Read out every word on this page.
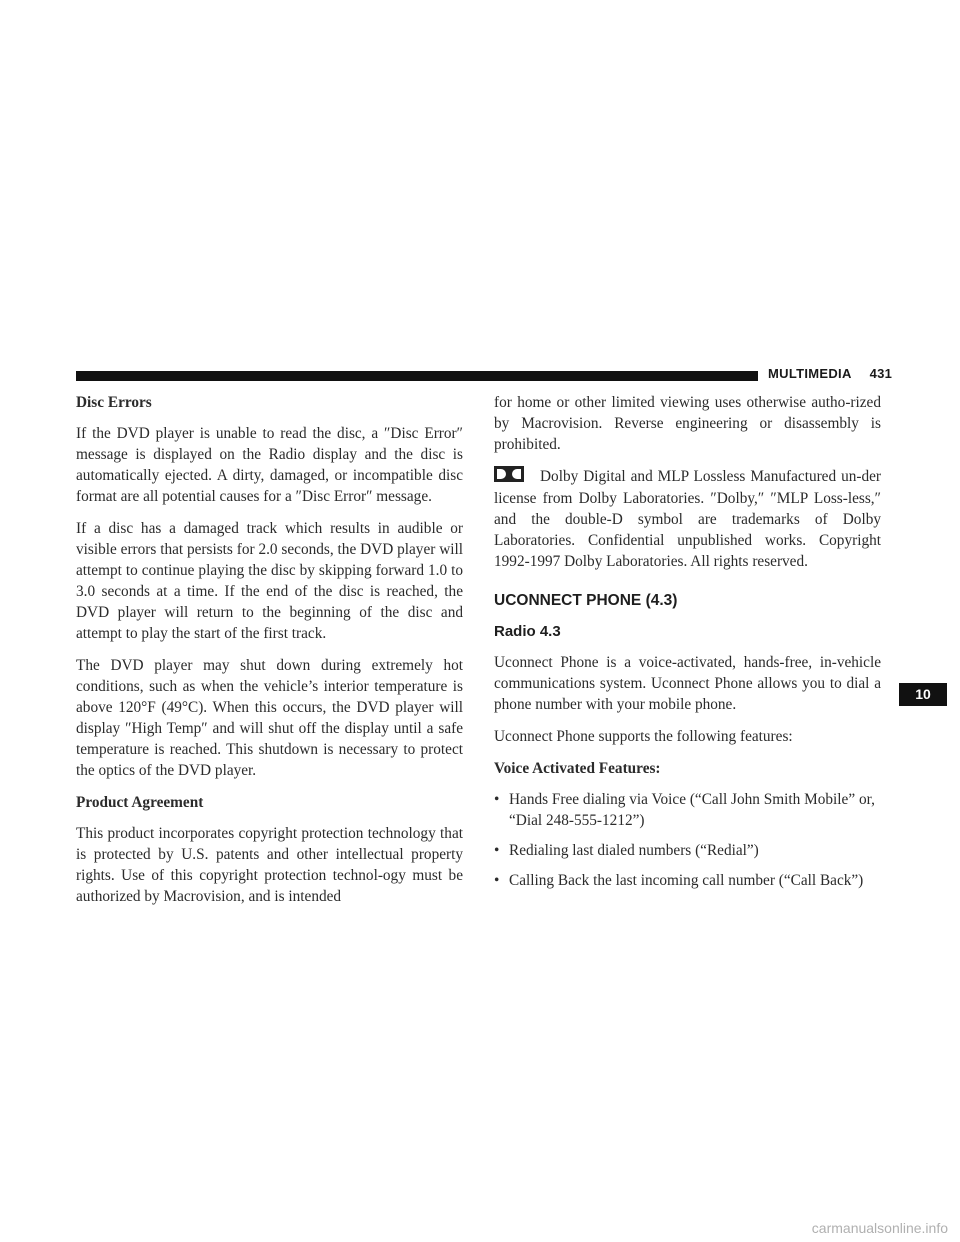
MULTIMEDIA 431

Disc Errors

If the DVD player is unable to read the disc, a ″Disc Error″ message is displayed on the Radio display and the disc is automatically ejected. A dirty, damaged, or incompatible disc format are all potential causes for a ″Disc Error″ message.

If a disc has a damaged track which results in audible or visible errors that persists for 2.0 seconds, the DVD player will attempt to continue playing the disc by skipping forward 1.0 to 3.0 seconds at a time. If the end of the disc is reached, the DVD player will return to the beginning of the disc and attempt to play the start of the first track.

The DVD player may shut down during extremely hot conditions, such as when the vehicle’s interior temperature is above 120°F (49°C). When this occurs, the DVD player will display ″High Temp″ and will shut off the display until a safe temperature is reached. This shutdown is necessary to protect the optics of the DVD player.

Product Agreement

This product incorporates copyright protection technology that is protected by U.S. patents and other intellectual property rights. Use of this copyright protection technol-ogy must be authorized by Macrovision, and is intended

for home or other limited viewing uses otherwise autho-rized by Macrovision. Reverse engineering or disassembly is prohibited.

Dolby Digital and MLP Lossless Manufactured un-der license from Dolby Laboratories. ″Dolby,″ ″MLP Loss-less,″ and the double-D symbol are trademarks of Dolby Laboratories. Confidential unpublished works. Copyright 1992-1997 Dolby Laboratories. All rights reserved.

UCONNECT PHONE (4.3)
Radio 4.3

Uconnect Phone is a voice-activated, hands-free, in-vehicle communications system. Uconnect Phone allows you to dial a phone number with your mobile phone.

Uconnect Phone supports the following features:

Voice Activated Features:

• Hands Free dialing via Voice (“Call John Smith Mobile” or, “Dial 248-555-1212”)
• Redialing last dialed numbers (“Redial”)
• Calling Back the last incoming call number (“Call Back”)
10
carmanualsonline.info
